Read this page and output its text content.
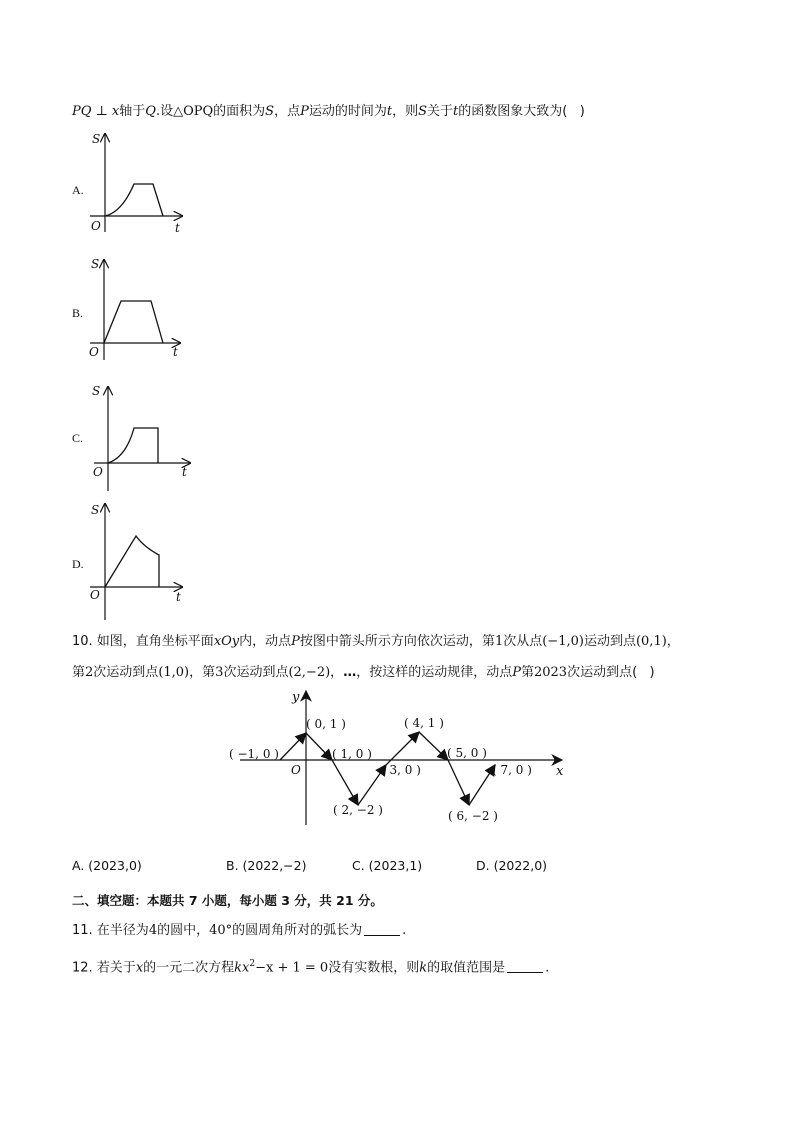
PQ ⊥ x轴于Q.设△OPQ的面积为S，点P运动的时间为t，则S关于t的函数图象大致为( )
A.
S
t
O
B.
S
t
O
C.
S
t
O
D.
S
t
O
10. 如图，直角坐标平面xOy内，动点P按图中箭头所示方向依次运动，第1次从点(−1,0)运动到点(0,1)，
第2次运动到点(1,0)，第3次运动到点(2,−2)，…，按这样的运动规律，动点P第2023次运动到点( )
y
x
O
( −1, 0 )
( 0, 1 )
( 1, 0 )
( 2, −2 )
( 3, 0 )
( 4, 1 )
( 5, 0 )
( 6, −2 )
( 7, 0 )
A. (2023,0)	B. (2022,−2)	C. (2023,1)	D. (2022,0)
二、填空题：本题共 7 小题，每小题 3 分，共 21 分。
11. 在半径为4的圆中，40°的圆周角所对的弧长为	.
12. 若关于x的一元二次方程$kx^2-x + 1 = 0$没有实数根，则k的取值范围是	.
